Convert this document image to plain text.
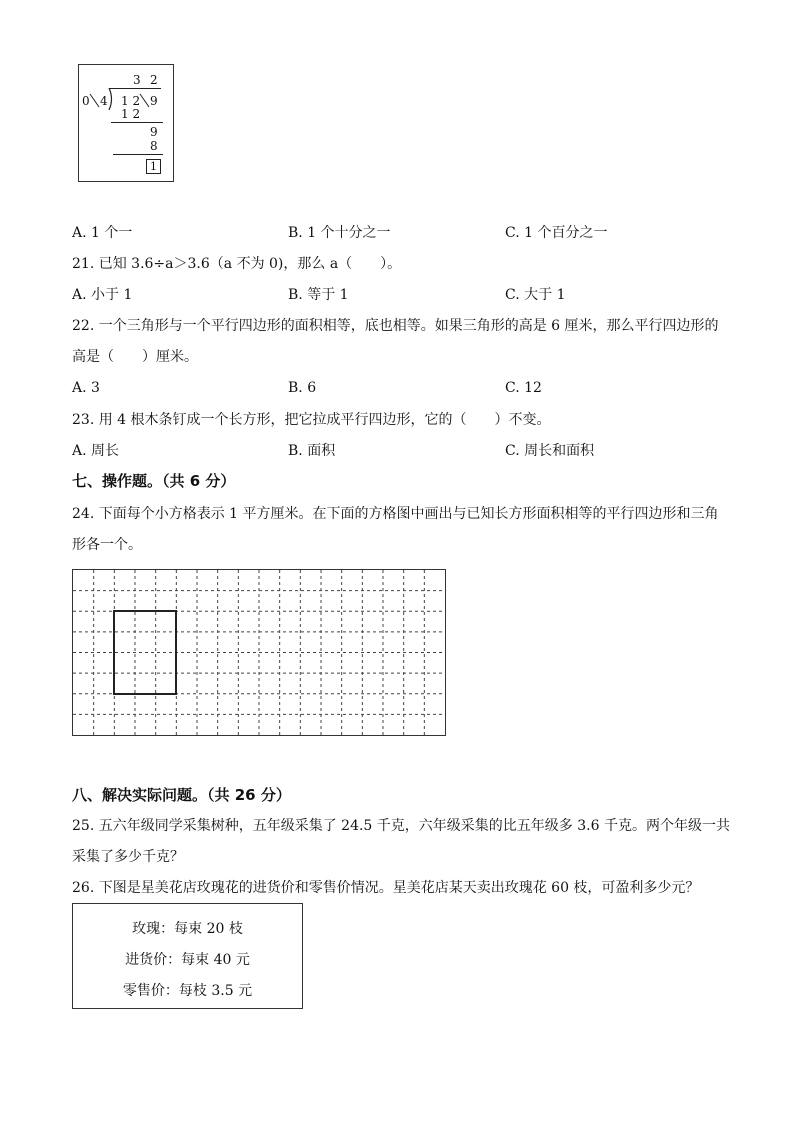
3 2
0 4 1 2 9
1 2
9
8
1
A. 1 个一	B. 1 个十分之一	C. 1 个百分之一
21. 已知 3.6÷a＞3.6（a 不为 0)，那么 a（　　）。
A. 小于 1	B. 等于 1	C. 大于 1
22. 一个三角形与一个平行四边形的面积相等，底也相等。如果三角形的高是 6 厘米，那么平行四边形的
高是（　　）厘米。
A. 3	B. 6	C. 12
23. 用 4 根木条钉成一个长方形，把它拉成平行四边形，它的（　　）不变。
A. 周长	B. 面积	C. 周长和面积
七、操作题。（共 6 分）
24. 下面每个小方格表示 1 平方厘米。在下面的方格图中画出与已知长方形面积相等的平行四边形和三角
形各一个。
八、解决实际问题。（共 26 分）
25. 五六年级同学采集树种，五年级采集了 24.5 千克，六年级采集的比五年级多 3.6 千克。两个年级一共
采集了多少千克？
26. 下图是星美花店玫瑰花的进货价和零售价情况。星美花店某天卖出玫瑰花 60 枝，可盈利多少元？
玫瑰：每束 20 枝
进货价：每束 40 元
零售价：每枝 3.5 元
